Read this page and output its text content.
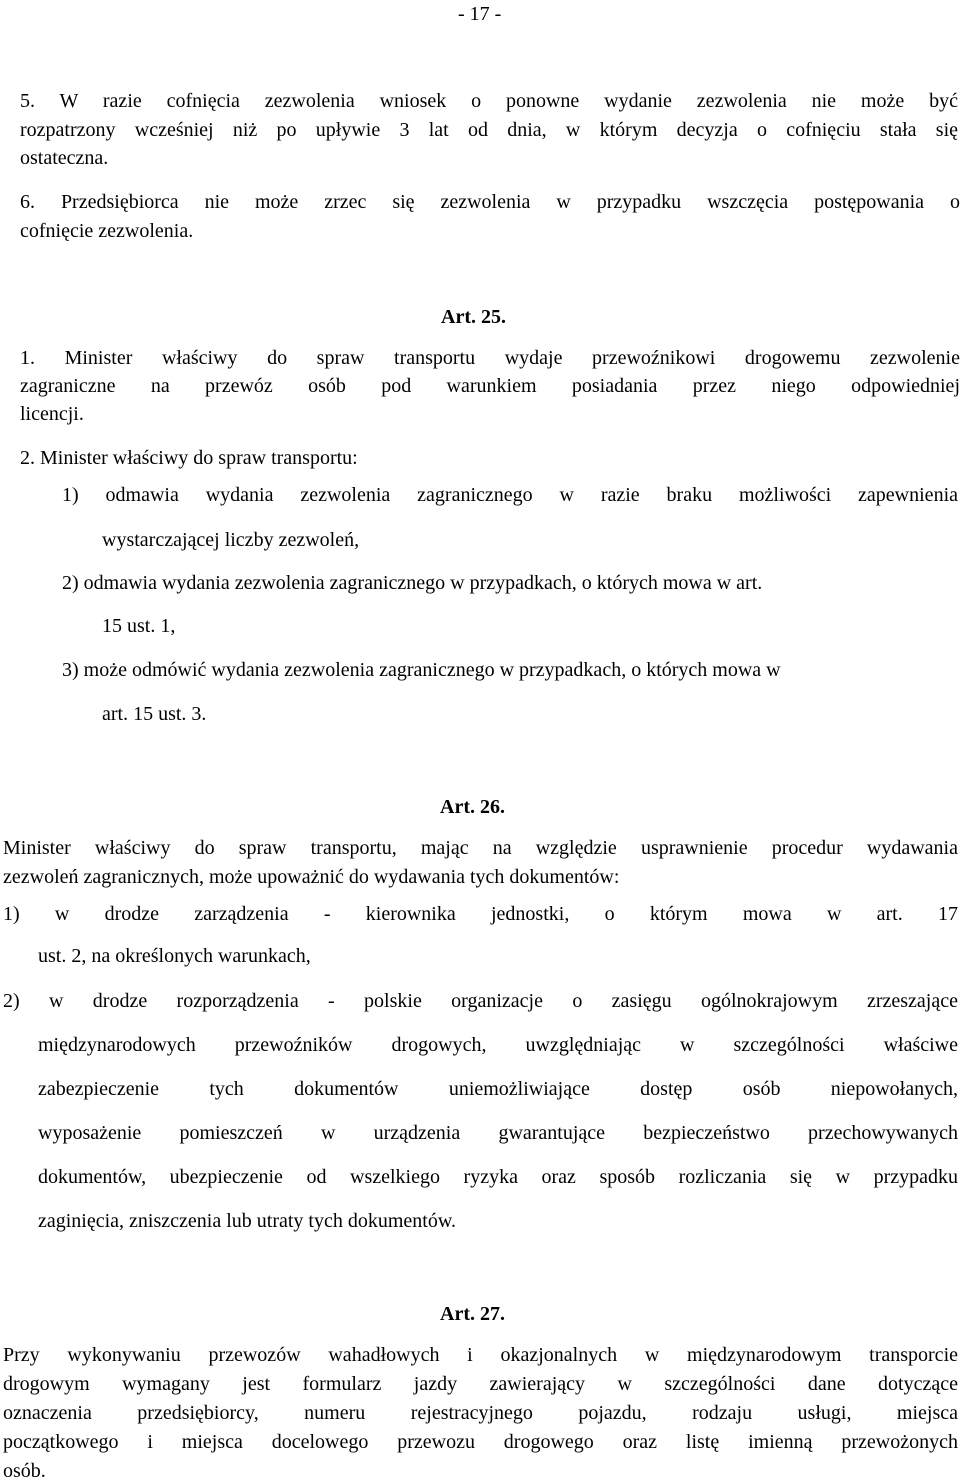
- 17 -
5. W razie cofnięcia zezwolenia wniosek o ponowne wydanie zezwolenia nie może być
rozpatrzony wcześniej niż po upływie 3 lat od dnia, w którym decyzja o cofnięciu stała się
ostateczna.
6. Przedsiębiorca nie może zrzec się zezwolenia w przypadku wszczęcia postępowania o
cofnięcie zezwolenia.
Art. 25.
1. Minister właściwy do spraw transportu wydaje przewoźnikowi drogowemu zezwolenie
zagraniczne na przewóz osób pod warunkiem posiadania przez niego odpowiedniej
licencji.
2. Minister właściwy do spraw transportu:
1) odmawia wydania zezwolenia zagranicznego w razie braku możliwości zapewnienia
wystarczającej liczby zezwoleń,
2) odmawia wydania zezwolenia zagranicznego w przypadkach, o których mowa w art.
15 ust. 1,
3) może odmówić wydania zezwolenia zagranicznego w przypadkach, o których mowa w
art. 15 ust. 3.
Art. 26.
Minister właściwy do spraw transportu, mając na względzie usprawnienie procedur wydawania
zezwoleń zagranicznych, może upoważnić do wydawania tych dokumentów:
1) w drodze zarządzenia - kierownika jednostki, o którym mowa w art. 17
ust. 2, na określonych warunkach,
2) w drodze rozporządzenia - polskie organizacje o zasięgu ogólnokrajowym zrzeszające
międzynarodowych przewoźników drogowych, uwzględniając w szczególności właściwe
zabezpieczenie tych dokumentów uniemożliwiające dostęp osób niepowołanych,
wyposażenie pomieszczeń w urządzenia gwarantujące bezpieczeństwo przechowywanych
dokumentów, ubezpieczenie od wszelkiego ryzyka oraz sposób rozliczania się w przypadku
zaginięcia, zniszczenia lub utraty tych dokumentów.
Art. 27.
Przy wykonywaniu przewozów wahadłowych i okazjonalnych w międzynarodowym transporcie
drogowym wymagany jest formularz jazdy zawierający w szczególności dane dotyczące
oznaczenia przedsiębiorcy, numeru rejestracyjnego pojazdu, rodzaju usługi, miejsca
początkowego i miejsca docelowego przewozu drogowego oraz listę imienną przewożonych
osób.
